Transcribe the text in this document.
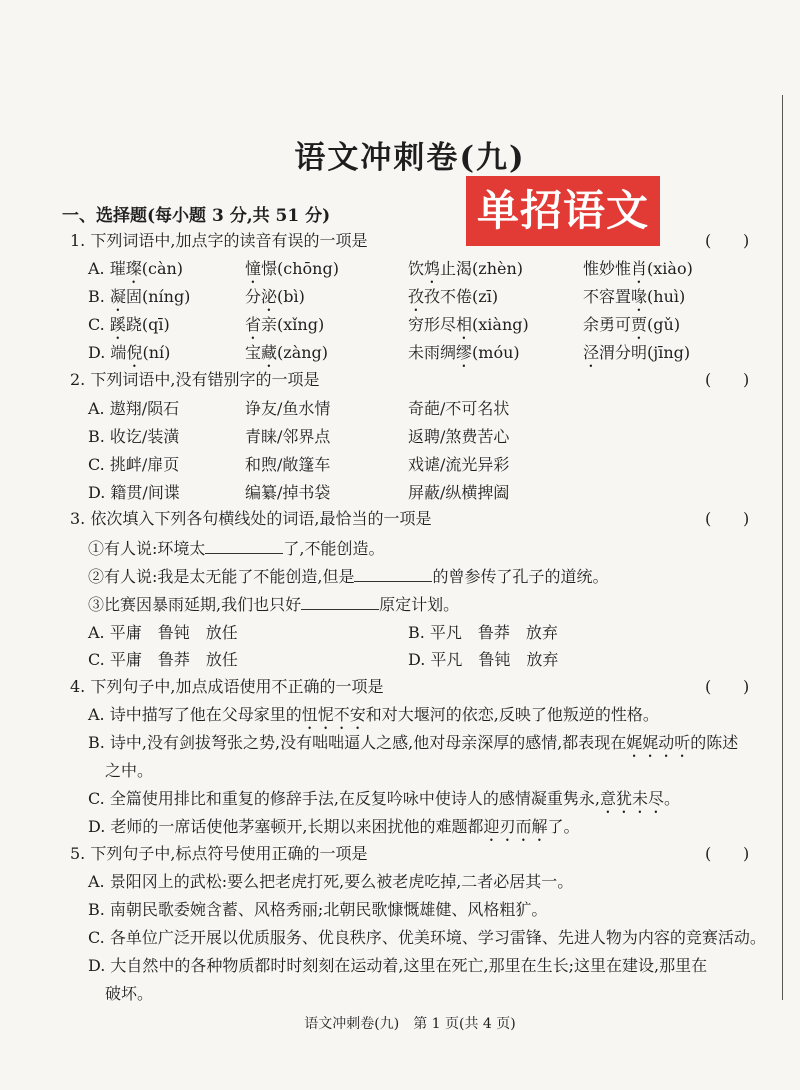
语文冲刺卷(九)
单招语文
一、选择题(每小题 3 分,共 51 分)
1. 下列词语中,加点字的读音有误的一项是	( )
A. 璀璨(càn)	憧憬(chōng)	饮鸩止渴(zhèn)	惟妙惟肖(xiào)
B. 凝固(níng)	分泌(bì)	孜孜不倦(zī)	不容置喙(huì)
C. 蹊跷(qī)	省亲(xǐng)	穷形尽相(xiàng)	余勇可贾(gǔ)
D. 端倪(ní)	宝藏(zàng)	未雨绸缪(móu)	泾渭分明(jīng)
2. 下列词语中,没有错别字的一项是	( )
A. 遨翔/陨石	诤友/鱼水情	奇葩/不可名状
B. 收讫/装潢	青睐/邻界点	返聘/煞费苦心
C. 挑衅/扉页	和煦/敞篷车	戏谑/流光异彩
D. 籍贯/间谍	编纂/掉书袋	屏蔽/纵横捭阖
3. 依次填入下列各句横线处的词语,最恰当的一项是	( )
①有人说:环境太	了,不能创造。
②有人说:我是太无能了不能创造,但是	的曾参传了孔子的道统。
③比赛因暴雨延期,我们也只好	原定计划。
A. 平庸　鲁钝　放任	B. 平凡　鲁莽　放弃
C. 平庸　鲁莽　放任	D. 平凡　鲁钝　放弃
4. 下列句子中,加点成语使用不正确的一项是	( )
A. 诗中描写了他在父母家里的忸怩不安和对大堰河的依恋,反映了他叛逆的性格。
B. 诗中,没有剑拔弩张之势,没有咄咄逼人之感,他对母亲深厚的感情,都表现在娓娓动听的陈述
之中。
C. 全篇使用排比和重复的修辞手法,在反复吟咏中使诗人的感情凝重隽永,意犹未尽。
D. 老师的一席话使他茅塞顿开,长期以来困扰他的难题都迎刃而解了。
5. 下列句子中,标点符号使用正确的一项是	( )
A. 景阳冈上的武松:要么把老虎打死,要么被老虎吃掉,二者必居其一。
B. 南朝民歌委婉含蓄、风格秀丽;北朝民歌慷慨雄健、风格粗犷。
C. 各单位广泛开展以优质服务、优良秩序、优美环境、学习雷锋、先进人物为内容的竞赛活动。
D. 大自然中的各种物质都时时刻刻在运动着,这里在死亡,那里在生长;这里在建设,那里在
破坏。
语文冲刺卷(九)　第 1 页(共 4 页)
